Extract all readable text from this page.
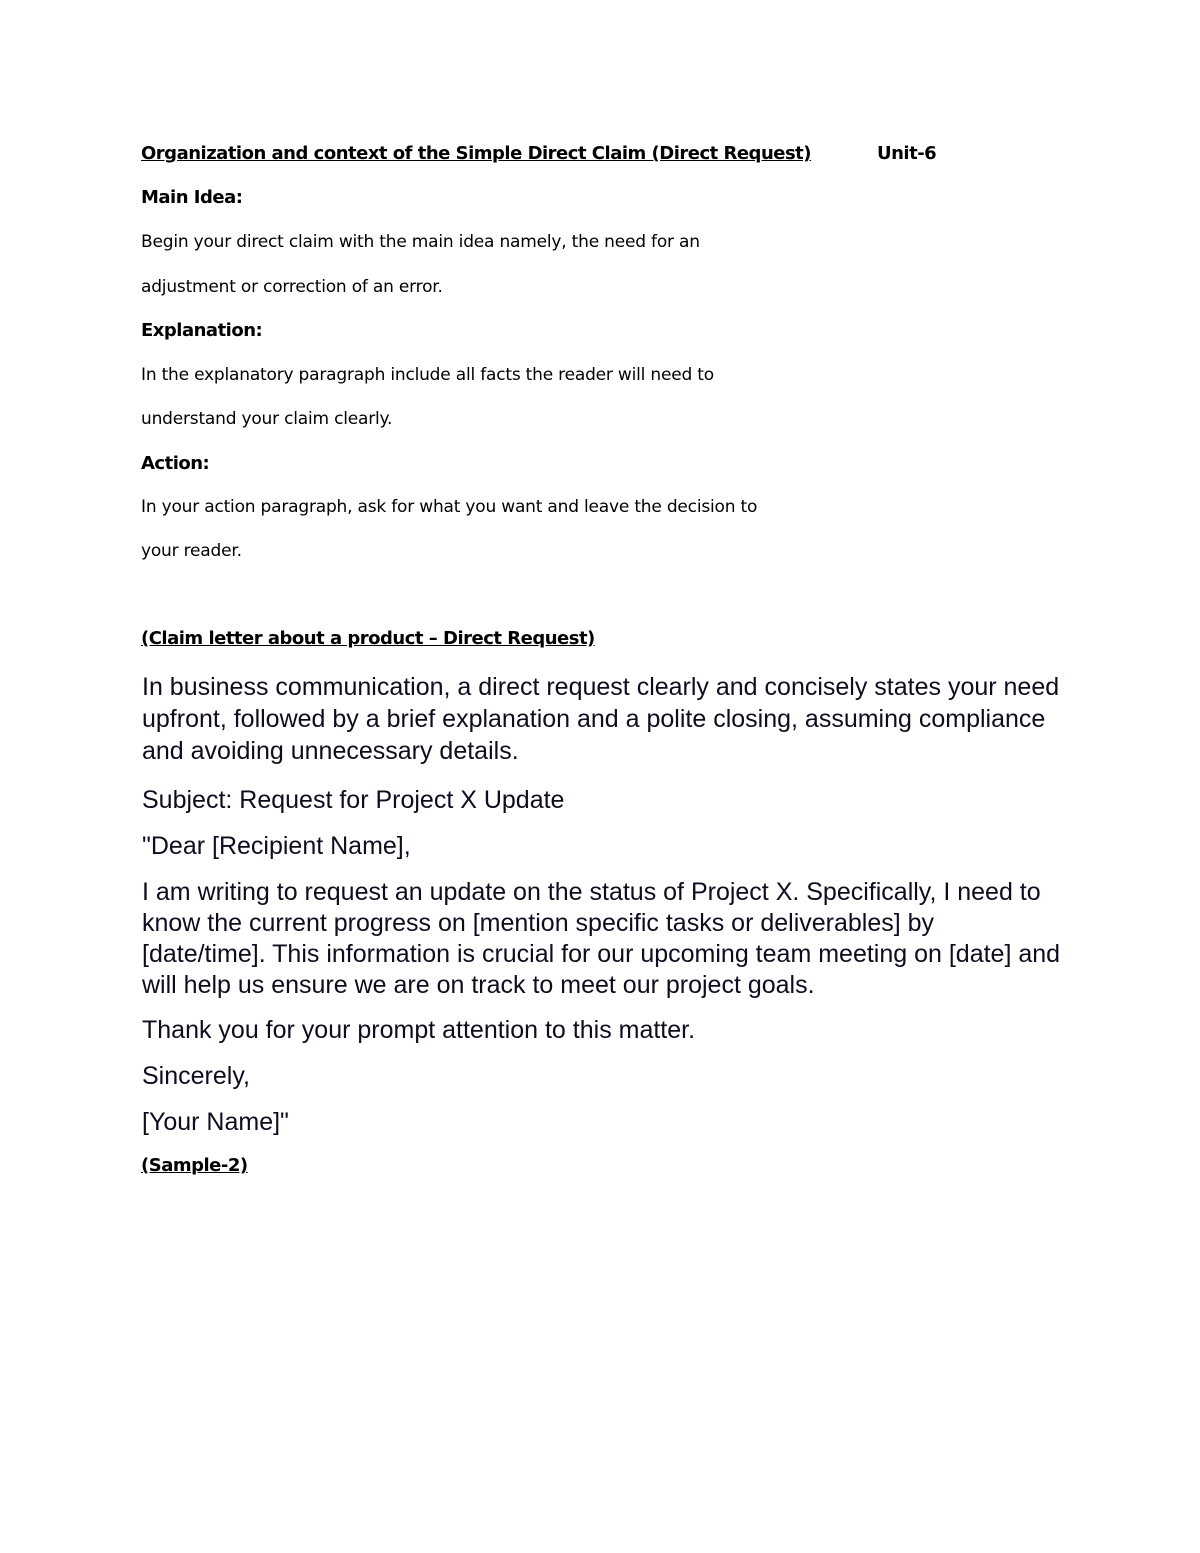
Organization and context of the Simple Direct Claim (Direct Request)	Unit-6
Main Idea:
Begin your direct claim with the main idea namely, the need for an
adjustment or correction of an error.
Explanation:
In the explanatory paragraph include all facts the reader will need to
understand your claim clearly.
Action:
In your action paragraph, ask for what you want and leave the decision to
your reader.
(Claim letter about a product – Direct Request)
In business communication, a direct request clearly and concisely states your need upfront, followed by a brief explanation and a polite closing, assuming compliance and avoiding unnecessary details.
Subject: Request for Project X Update
"Dear [Recipient Name],
I am writing to request an update on the status of Project X. Specifically, I need to know the current progress on [mention specific tasks or deliverables] by [date/time]. This information is crucial for our upcoming team meeting on [date] and will help us ensure we are on track to meet our project goals.
Thank you for your prompt attention to this matter.
Sincerely,
[Your Name]"
(Sample-2)
